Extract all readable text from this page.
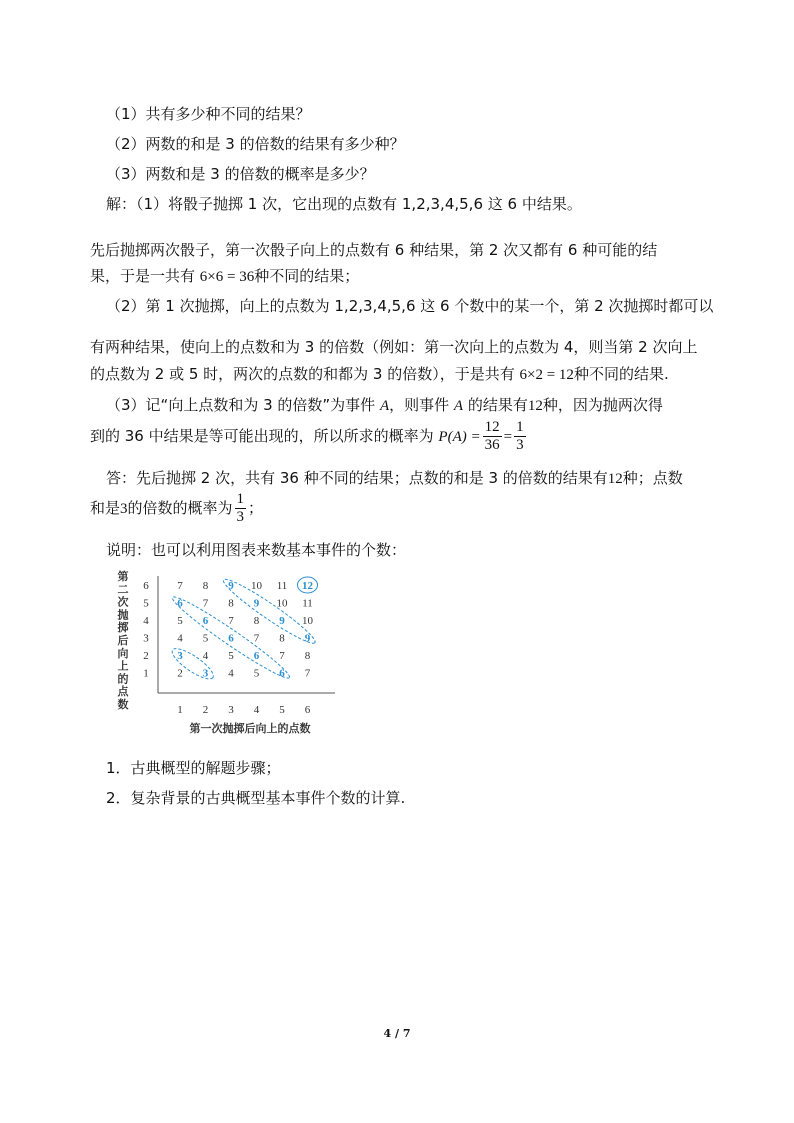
（1）共有多少种不同的结果？
（2）两数的和是 3 的倍数的结果有多少种？
（3）两数和是 3 的倍数的概率是多少？
解：（1）将骰子抛掷 1 次，它出现的点数有 1,2,3,4,5,6 这 6 中结果。
先后抛掷两次骰子，第一次骰子向上的点数有 6 种结果，第 2 次又都有 6 种可能的结
果，于是一共有 6×6 = 36种不同的结果；
（2）第 1 次抛掷，向上的点数为 1,2,3,4,5,6 这 6 个数中的某一个，第 2 次抛掷时都可以
有两种结果，使向上的点数和为 3 的倍数（例如：第一次向上的点数为 4，则当第 2 次向上
的点数为 2 或 5 时，两次的点数的和都为 3 的倍数），于是共有 6×2 = 12种不同的结果.
（3）记“向上点数和为 3 的倍数”为事件 A，则事件 A 的结果有12种，因为抛两次得
到的 36 中结果是等可能出现的，所以所求的概率为 $P(A) = \frac{12}{36} = \frac{1}{3}$
答：先后抛掷 2 次，共有 36 种不同的结果；点数的和是 3 的倍数的结果有12种；点数
和是3的倍数的概率为 $\frac{1}{3}$ ；
说明：也可以利用图表来数基本事件的个数：
第二次抛掷后向上的点数
6
5
4
3
2
1
1 2 3 4 5 6
第一次抛掷后向上的点数
7 8 9 10 11 12
6 7 8 9 10 11
5 6 7 8 9 10
4 5 6 7 8 9
3 4 5 6 7 8
2 3 4 5 6 7
1．古典概型的解题步骤；
2．复杂背景的古典概型基本事件个数的计算.
4 / 7
